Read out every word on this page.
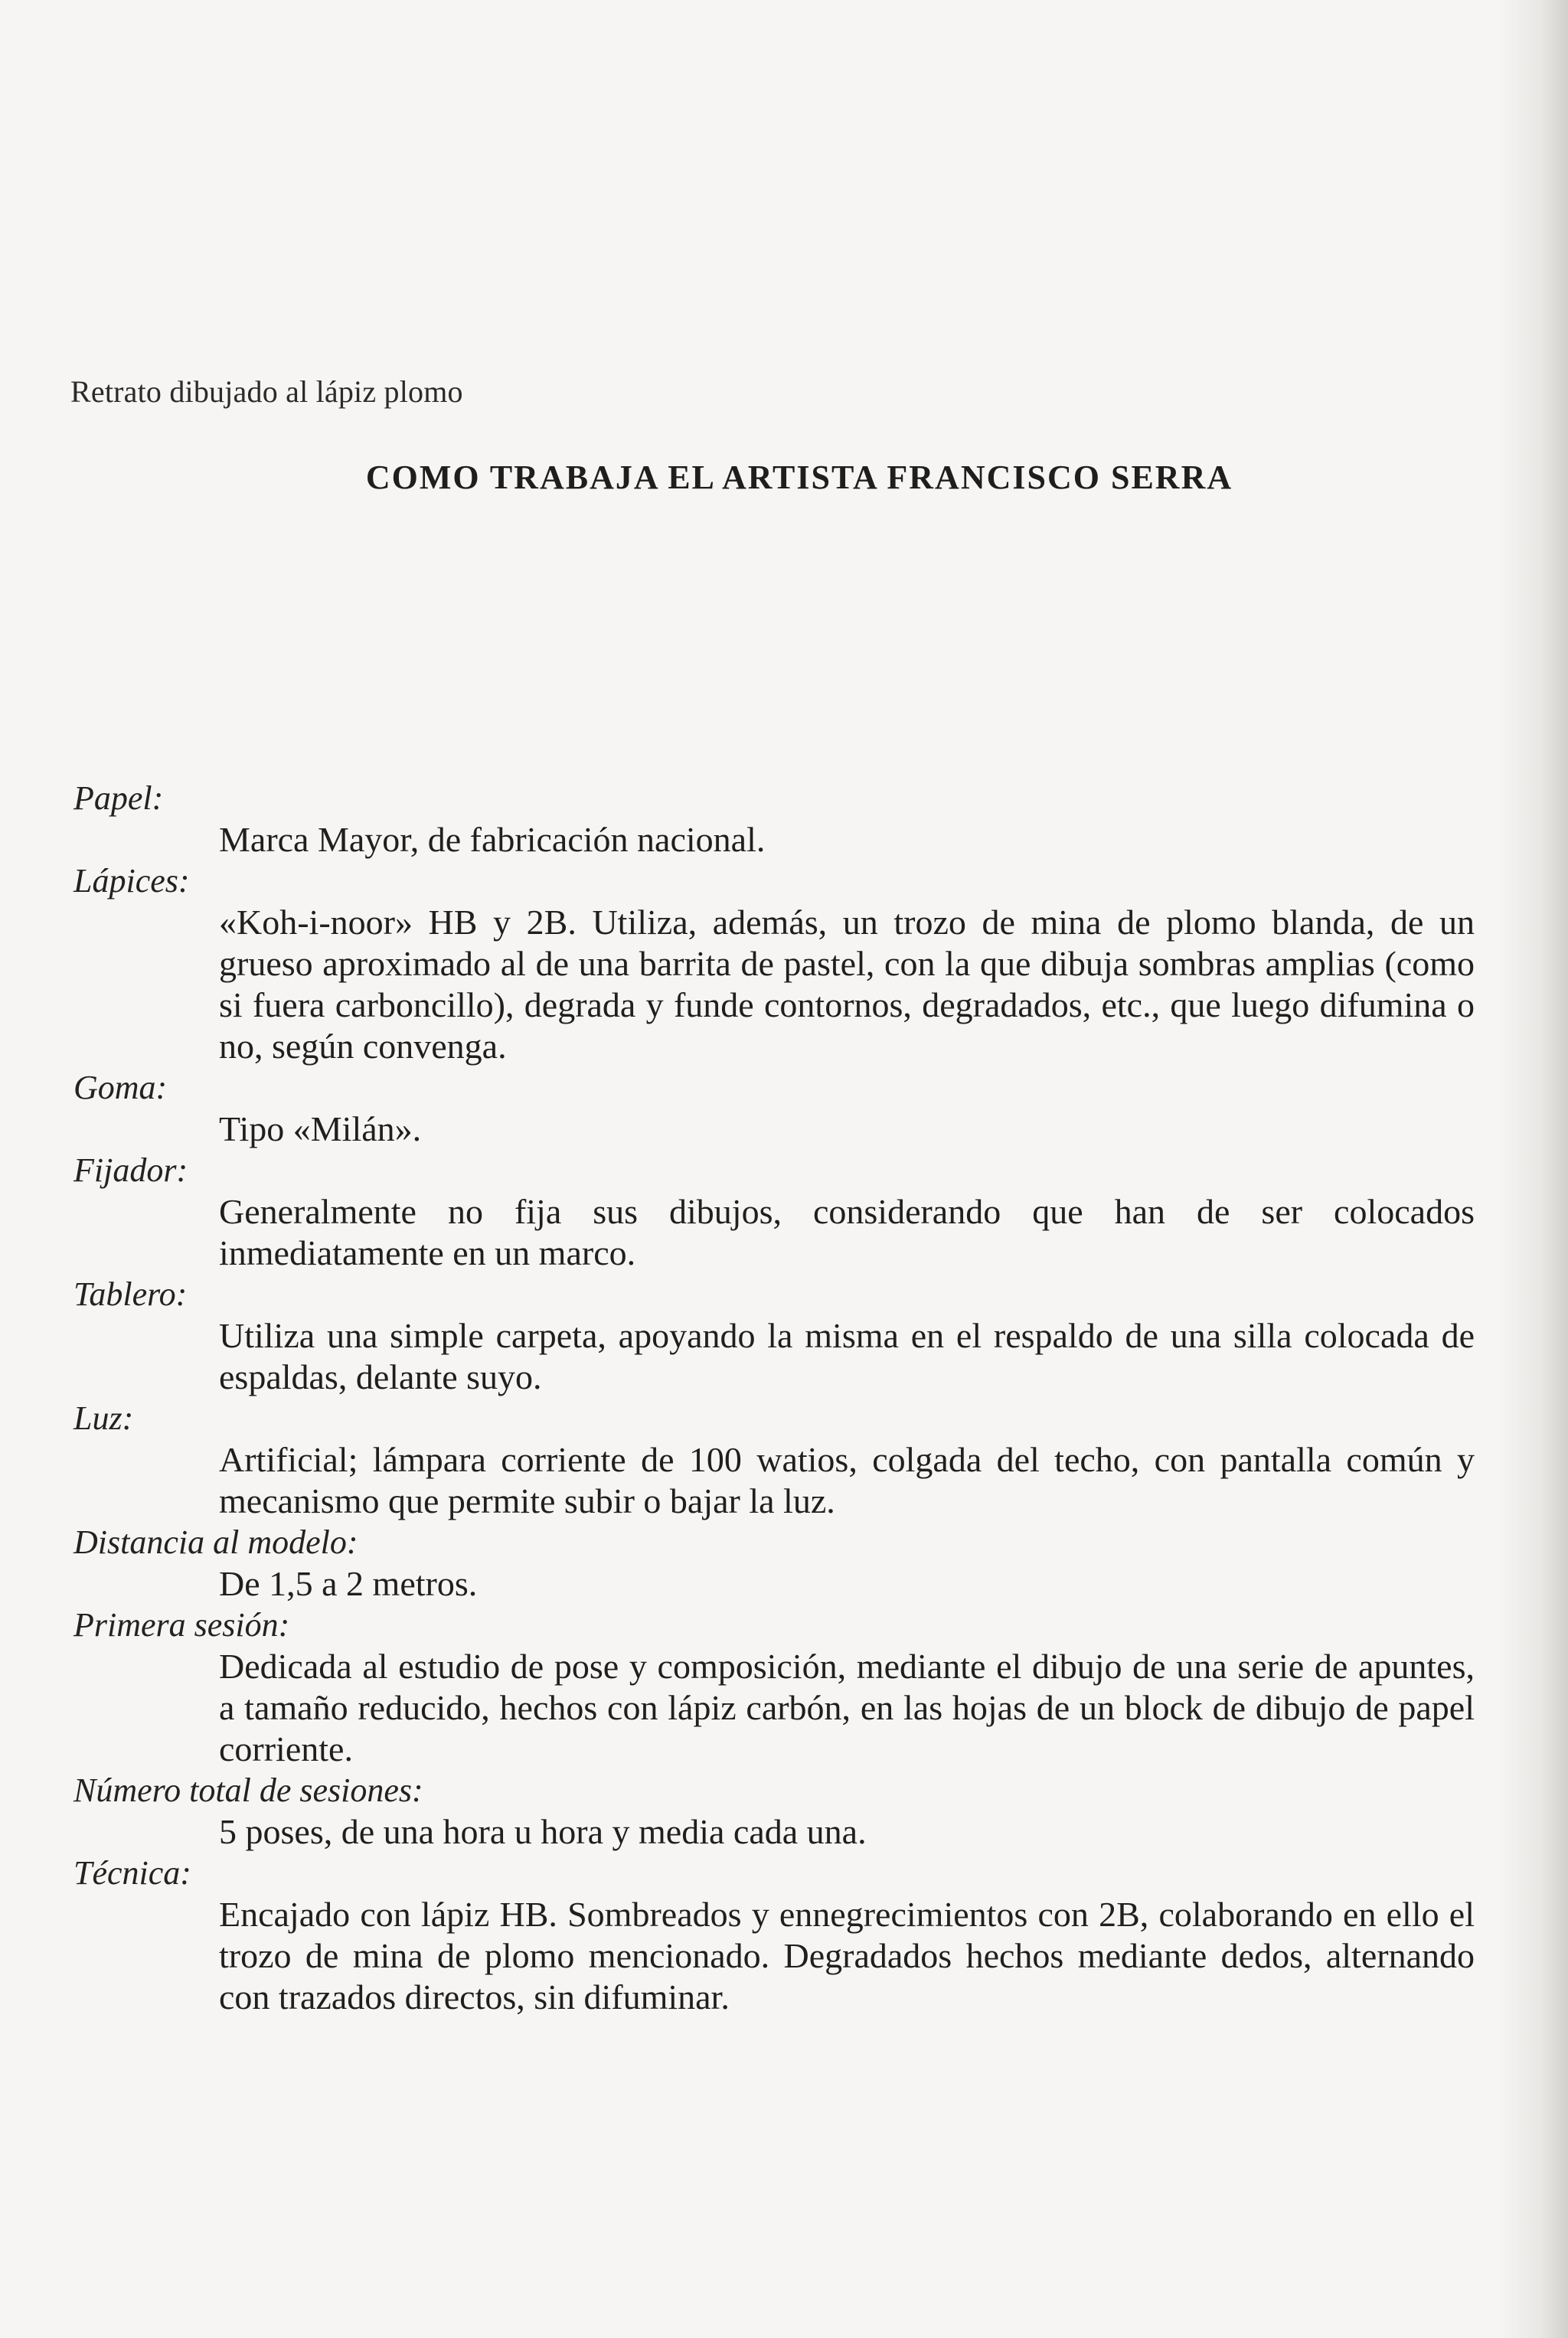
Retrato dibujado al lápiz plomo
COMO TRABAJA EL ARTISTA FRANCISCO SERRA
Papel:
Marca Mayor, de fabricación nacional.
Lápices:
«Koh-i-noor» HB y 2B. Utiliza, además, un trozo de mina de plomo blanda, de un grueso aproximado al de una barrita de pastel, con la que dibuja sombras amplias (como si fuera carboncillo), degrada y funde contornos, degradados, etc., que luego difumina o no, según convenga.
Goma:
Tipo «Milán».
Fijador:
Generalmente no fija sus dibujos, considerando que han de ser colocados inmediatamente en un marco.
Tablero:
Utiliza una simple carpeta, apoyando la misma en el respaldo de una silla colocada de espaldas, delante suyo.
Luz:
Artificial; lámpara corriente de 100 watios, colgada del techo, con pantalla común y mecanismo que permite subir o bajar la luz.
Distancia al modelo:
De 1,5 a 2 metros.
Primera sesión:
Dedicada al estudio de pose y composición, mediante el dibujo de una serie de apuntes, a tamaño reducido, hechos con lápiz carbón, en las hojas de un block de dibujo de papel corriente.
Número total de sesiones:
5 poses, de una hora u hora y media cada una.
Técnica:
Encajado con lápiz HB. Sombreados y ennegrecimientos con 2B, colaborando en ello el trozo de mina de plomo mencionado. Degradados hechos mediante dedos, alternando con trazados directos, sin difuminar.
